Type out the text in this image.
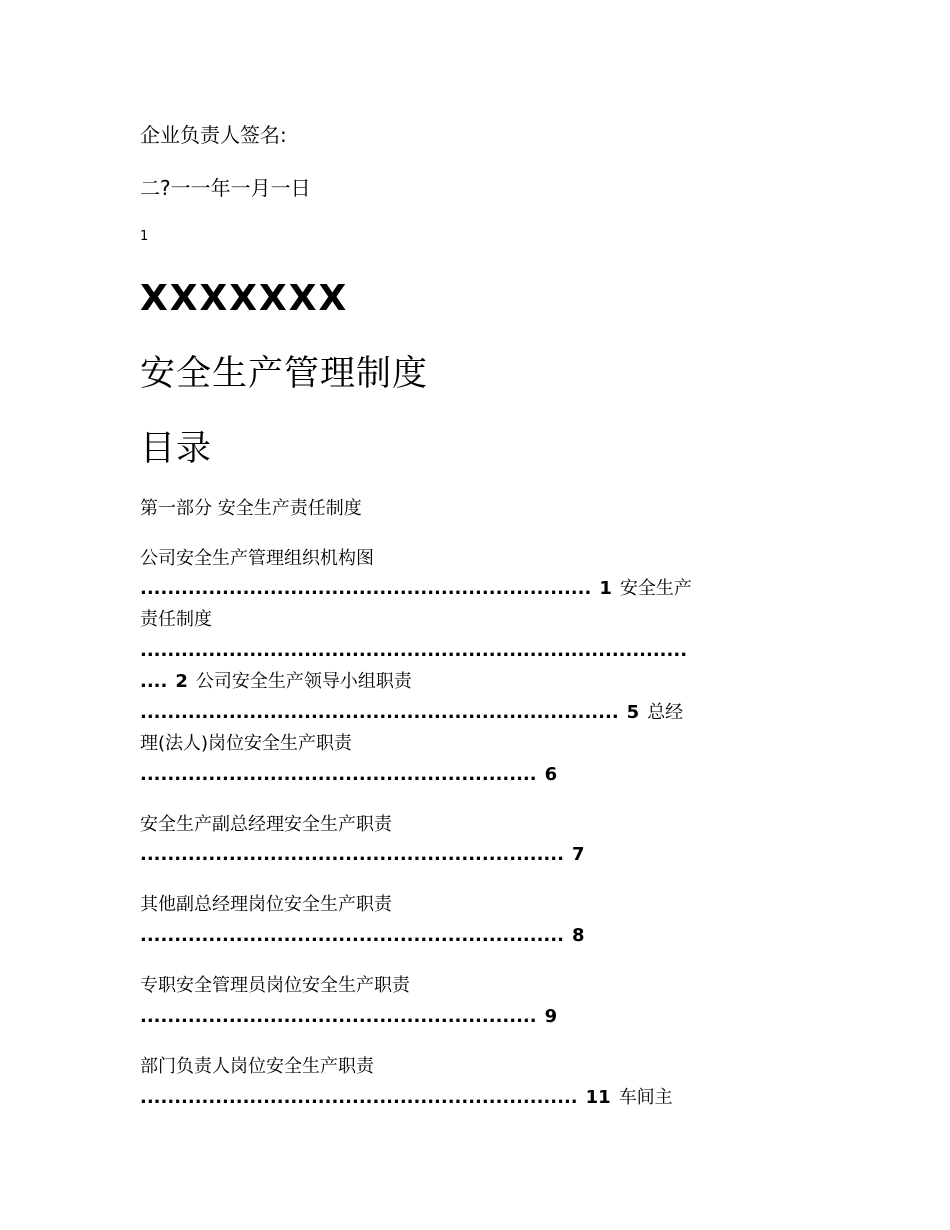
企业负责人签名:
二?一一年一月一日
1
XXXXXXX
安全生产管理制度
目录
第一部分 安全生产责任制度
公司安全生产管理组织机构图
.................................................................. 1 安全生产
责任制度
................................................................................
.... 2 公司安全生产领导小组职责
...................................................................... 5 总经
理(法人)岗位安全生产职责
.......................................................... 6
安全生产副总经理安全生产职责
.............................................................. 7
其他副总经理岗位安全生产职责
.............................................................. 8
专职安全管理员岗位安全生产职责
.......................................................... 9
部门负责人岗位安全生产职责
................................................................ 11 车间主
